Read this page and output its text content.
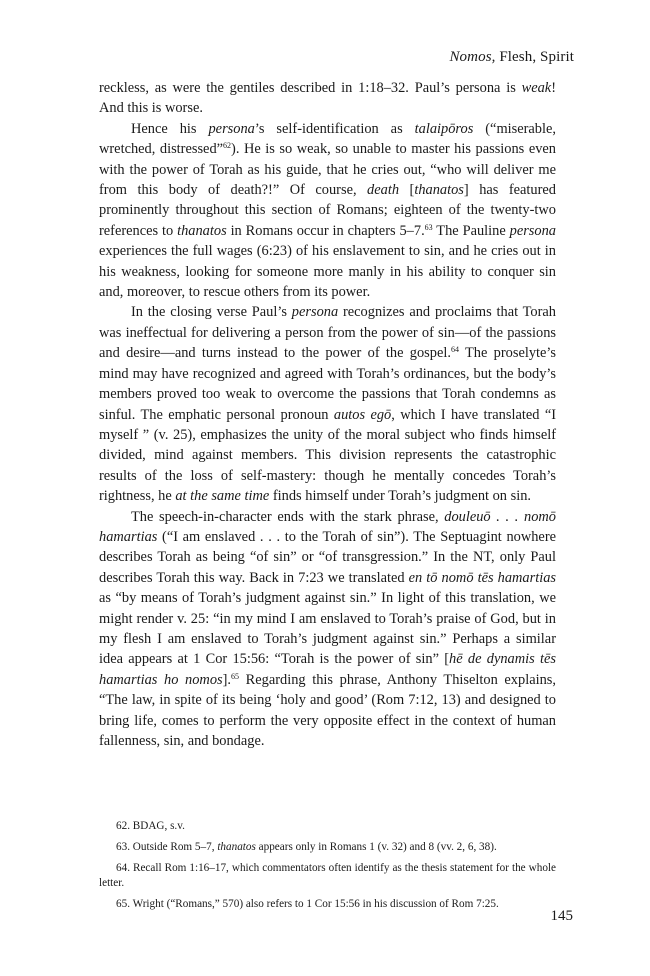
Nomos, Flesh, Spirit

reckless, as were the gentiles described in 1:18–32. Paul’s persona is weak! And this is worse.

Hence his persona’s self-identification as talaipōros (“miserable, wretched, distressed”$^{62}$). He is so weak, so unable to master his passions even with the power of Torah as his guide, that he cries out, “who will deliver me from this body of death?!” Of course, death [thanatos] has featured prominently throughout this section of Romans; eighteen of the twenty-two references to thanatos in Romans occur in chapters 5–7.63 The Pauline persona experiences the full wages (6:23) of his enslavement to sin, and he cries out in his weakness, looking for someone more manly in his ability to conquer sin and, moreover, to rescue others from its power.

In the closing verse Paul’s persona recognizes and proclaims that Torah was ineffectual for delivering a person from the power of sin—of the passions and desire—and turns instead to the power of the gospel.$^{64}$ The proselyte’s mind may have recognized and agreed with Torah’s ordinances, but the body’s members proved too weak to overcome the passions that Torah condemns as sinful. The emphatic personal pronoun autos egō, which I have translated “I myself ” (v. 25), emphasizes the unity of the moral subject who finds himself divided, mind against members. This division represents the catastrophic results of the loss of self-mastery: though he mentally concedes Torah’s rightness, he at the same time finds himself under Torah’s judgment on sin.

The speech-in-character ends with the stark phrase, douleuō . . . nomō hamartias (“I am enslaved . . . to the Torah of sin”). The Septuagint nowhere describes Torah as being “of sin” or “of transgression.” In the NT, only Paul describes Torah this way. Back in 7:23 we translated en tō nomō tēs hamartias as “by means of Torah’s judgment against sin.” In light of this translation, we might render v. 25: “in my mind I am enslaved to Torah’s praise of God, but in my flesh I am enslaved to Torah’s judgment against sin.” Perhaps a similar idea appears at 1 Cor 15:56: “Torah is the power of sin” [hē de dynamis tēs hamartias ho nomos].$^{65}$ Regarding this phrase, Anthony Thiselton explains, “The law, in spite of its being ‘holy and good’ (Rom 7:12, 13) and designed to bring life, comes to perform the very opposite effect in the context of human fallenness, sin, and bondage.

62. BDAG, s.v.

63. Outside Rom 5–7, thanatos appears only in Romans 1 (v. 32) and 8 (vv. 2, 6, 38).

64. Recall Rom 1:16–17, which commentators often identify as the thesis statement for the whole letter.

65. Wright (“Romans,” 570) also refers to 1 Cor 15:56 in his discussion of Rom 7:25.

145
